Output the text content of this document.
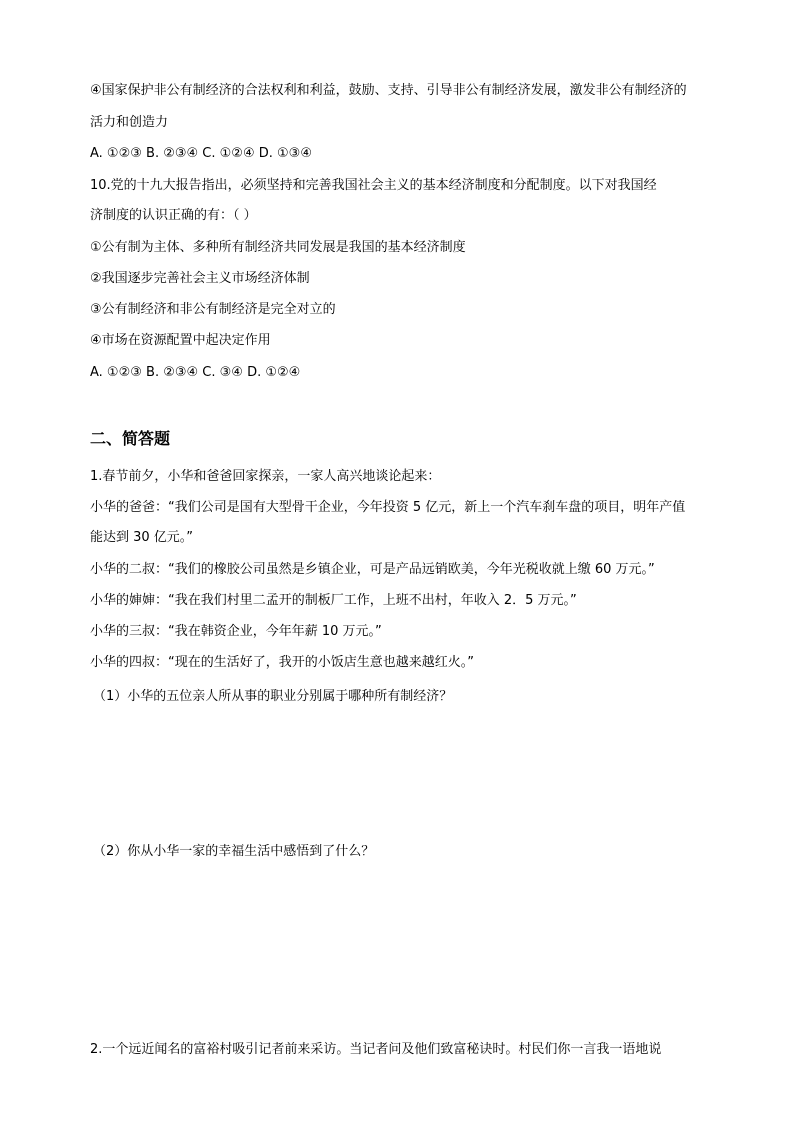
④国家保护非公有制经济的合法权利和利益，鼓励、支持、引导非公有制经济发展，激发非公有制经济的
活力和创造力
A. ①②③ B. ②③④ C. ①②④ D. ①③④
10.党的十九大报告指出，必须坚持和完善我国社会主义的基本经济制度和分配制度。以下对我国经
济制度的认识正确的有：（ ）
①公有制为主体、多种所有制经济共同发展是我国的基本经济制度
②我国逐步完善社会主义市场经济体制
③公有制经济和非公有制经济是完全对立的
④市场在资源配置中起决定作用
A. ①②③ B. ②③④ C. ③④ D. ①②④
二、简答题
1.春节前夕，小华和爸爸回家探亲，一家人高兴地谈论起来：
小华的爸爸：“我们公司是国有大型骨干企业，今年投资 5 亿元，新上一个汽车刹车盘的项目，明年产值
能达到 30 亿元。”
小华的二叔：“我们的橡胶公司虽然是乡镇企业，可是产品远销欧美，今年光税收就上缴 60 万元。”
小华的婶婶：“我在我们村里二孟开的制板厂工作，上班不出村，年收入 2．5 万元。”
小华的三叔：“我在韩资企业，今年年薪 10 万元。”
小华的四叔：“现在的生活好了，我开的小饭店生意也越来越红火。”
（1）小华的五位亲人所从事的职业分别属于哪种所有制经济？
（2）你从小华一家的幸福生活中感悟到了什么？
2.一个远近闻名的富裕村吸引记者前来采访。当记者问及他们致富秘诀时。村民们你一言我一语地说
